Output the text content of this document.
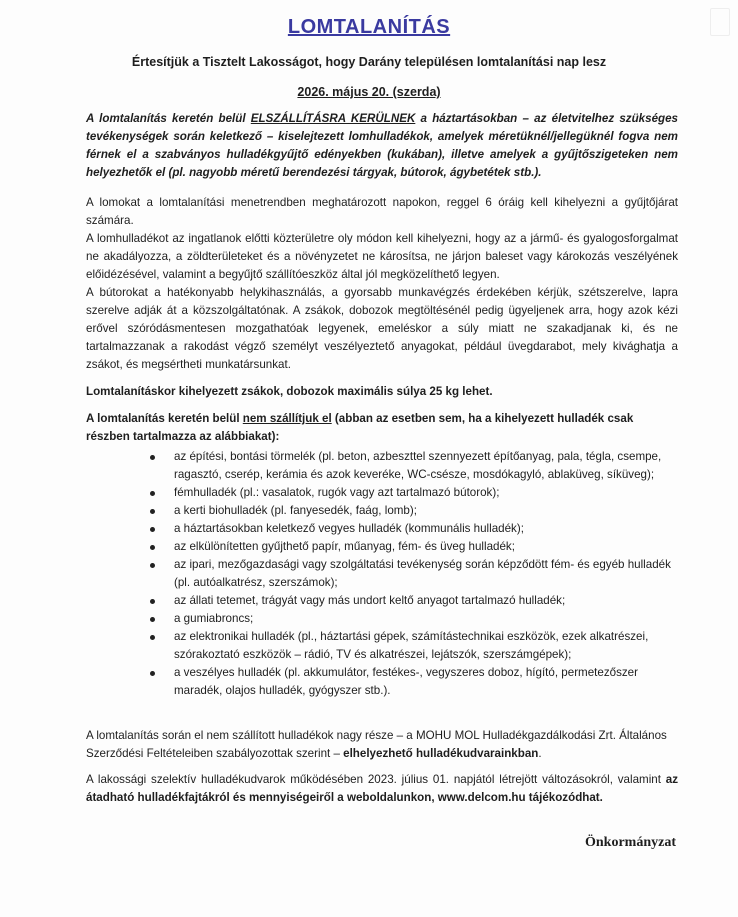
LOMTALANÍTÁS
Értesítjük a Tisztelt Lakosságot, hogy Darány településen lomtalanítási nap lesz
2026. május 20. (szerda)
A lomtalanítás keretén belül ELSZÁLLÍTÁSRA KERÜLNEK a háztartásokban – az életvitelhez szükséges tevékenységek során keletkező – kiselejtezett lomhulladékok, amelyek méretüknél/jellegüknél fogva nem férnek el a szabványos hulladékgyűjtő edényekben (kukában), illetve amelyek a gyűjtőszigeteken nem helyezhetők el (pl. nagyobb méretű berendezési tárgyak, bútorok, ágybetétek stb.).

A lomokat a lomtalanítási menetrendben meghatározott napokon, reggel 6 óráig kell kihelyezni a gyűjtőjárat számára.

A lomhulladékot az ingatlanok előtti közterületre oly módon kell kihelyezni, hogy az a jármű- és gyalogosforgalmat ne akadályozza, a zöldterületeket és a növényzetet ne károsítsa, ne járjon baleset vagy károkozás veszélyének előidézésével, valamint a begyűjtő szállítóeszköz által jól megközelíthető legyen.

A bútorokat a hatékonyabb helykihasználás, a gyorsabb munkavégzés érdekében kérjük, szétszerelve, lapra szerelve adják át a közszolgáltatónak. A zsákok, dobozok megtöltésénél pedig ügyeljenek arra, hogy azok kézi erővel szóródásmentesen mozgathatóak legyenek, emeléskor a súly miatt ne szakadjanak ki, és ne tartalmazzanak a rakodást végző személyt veszélyeztető anyagokat, például üvegdarabot, mely kivághatja a zsákot, és megsértheti munkatársunkat.

Lomtalanításkor kihelyezett zsákok, dobozok maximális súlya 25 kg lehet.
A lomtalanítás keretén belül nem szállítjuk el (abban az esetben sem, ha a kihelyezett hulladék csak részben tartalmazza az alábbiakat):
az építési, bontási törmelék (pl. beton, azbeszttel szennyezett építőanyag, pala, tégla, csempe, ragasztó, cserép, kerámia és azok keveréke, WC-csésze, mosdókagyló, ablaküveg, síküveg);
fémhulladék (pl.: vasalatok, rugók vagy azt tartalmazó bútorok);
a kerti biohulladék (pl. fanyesedék, faág, lomb);
a háztartásokban keletkező vegyes hulladék (kommunális hulladék);
az elkülönítetten gyűjthető papír, műanyag, fém- és üveg hulladék;
az ipari, mezőgazdasági vagy szolgáltatási tevékenység során képződött fém- és egyéb hulladék (pl. autóalkatrész, szerszámok);
az állati tetemet, trágyát vagy más undort keltő anyagot tartalmazó hulladék;
a gumiabroncs;
az elektronikai hulladék (pl., háztartási gépek, számítástechnikai eszközök, ezek alkatrészei, szórakoztató eszközök – rádió, TV és alkatrészei, lejátszók, szerszámgépek);
a veszélyes hulladék (pl. akkumulátor, festékes-, vegyszeres doboz, hígító, permetezőszer maradék, olajos hulladék, gyógyszer stb.).
A lomtalanítás során el nem szállított hulladékok nagy része – a MOHU MOL Hulladékgazdálkodási Zrt. Általános Szerződési Feltételeiben szabályozottak szerint – elhelyezhető hulladékudvarainkban.
A lakossági szelektív hulladékudvarok működésében 2023. július 01. napjától létrejött változásokról, valamint az átadható hulladékfajtákról és mennyiségeiről a weboldalunkon, www.delcom.hu tájékozódhat.
Önkormányzat
